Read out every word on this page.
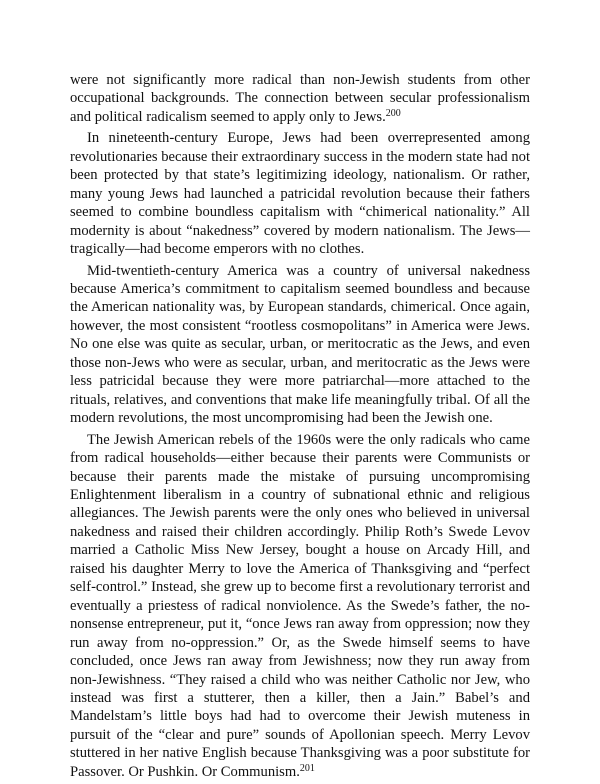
were not significantly more radical than non-Jewish students from other occupational backgrounds. The connection between secular professionalism and political radicalism seemed to apply only to Jews.$^{200}$

In nineteenth-century Europe, Jews had been overrepresented among revolutionaries because their extraordinary success in the modern state had not been protected by that state’s legitimizing ideology, nationalism. Or rather, many young Jews had launched a patricidal revolution because their fathers seemed to combine boundless capitalism with “chimerical nationality.” All modernity is about “nakedness” covered by modern nationalism. The Jews—tragically—had become emperors with no clothes.

Mid-twentieth-century America was a country of universal nakedness because America’s commitment to capitalism seemed boundless and because the American nationality was, by European standards, chimerical. Once again, however, the most consistent “rootless cosmopolitans” in America were Jews. No one else was quite as secular, urban, or meritocratic as the Jews, and even those non-Jews who were as secular, urban, and meritocratic as the Jews were less patricidal because they were more patriarchal—more attached to the rituals, relatives, and conventions that make life meaningfully tribal. Of all the modern revolutions, the most uncompromising had been the Jewish one.

The Jewish American rebels of the 1960s were the only radicals who came from radical households—either because their parents were Communists or because their parents made the mistake of pursuing uncompromising Enlightenment liberalism in a country of subnational ethnic and religious allegiances. The Jewish parents were the only ones who believed in universal nakedness and raised their children accordingly. Philip Roth’s Swede Levov married a Catholic Miss New Jersey, bought a house on Arcady Hill, and raised his daughter Merry to love the America of Thanksgiving and “perfect self-control.” Instead, she grew up to become first a revolutionary terrorist and eventually a priestess of radical nonviolence. As the Swede’s father, the no-nonsense entrepreneur, put it, “once Jews ran away from oppression; now they run away from no-oppression.” Or, as the Swede himself seems to have concluded, once Jews ran away from Jewishness; now they run away from non-Jewishness. “They raised a child who was neither Catholic nor Jew, who instead was first a stutterer, then a killer, then a Jain.” Babel’s and Mandelstam’s little boys had had to overcome their Jewish muteness in pursuit of the “clear and pure” sounds of Apollonian speech. Merry Levov stuttered in her native English because Thanksgiving was a poor substitute for Passover. Or Pushkin. Or Communism.$^{201}$
